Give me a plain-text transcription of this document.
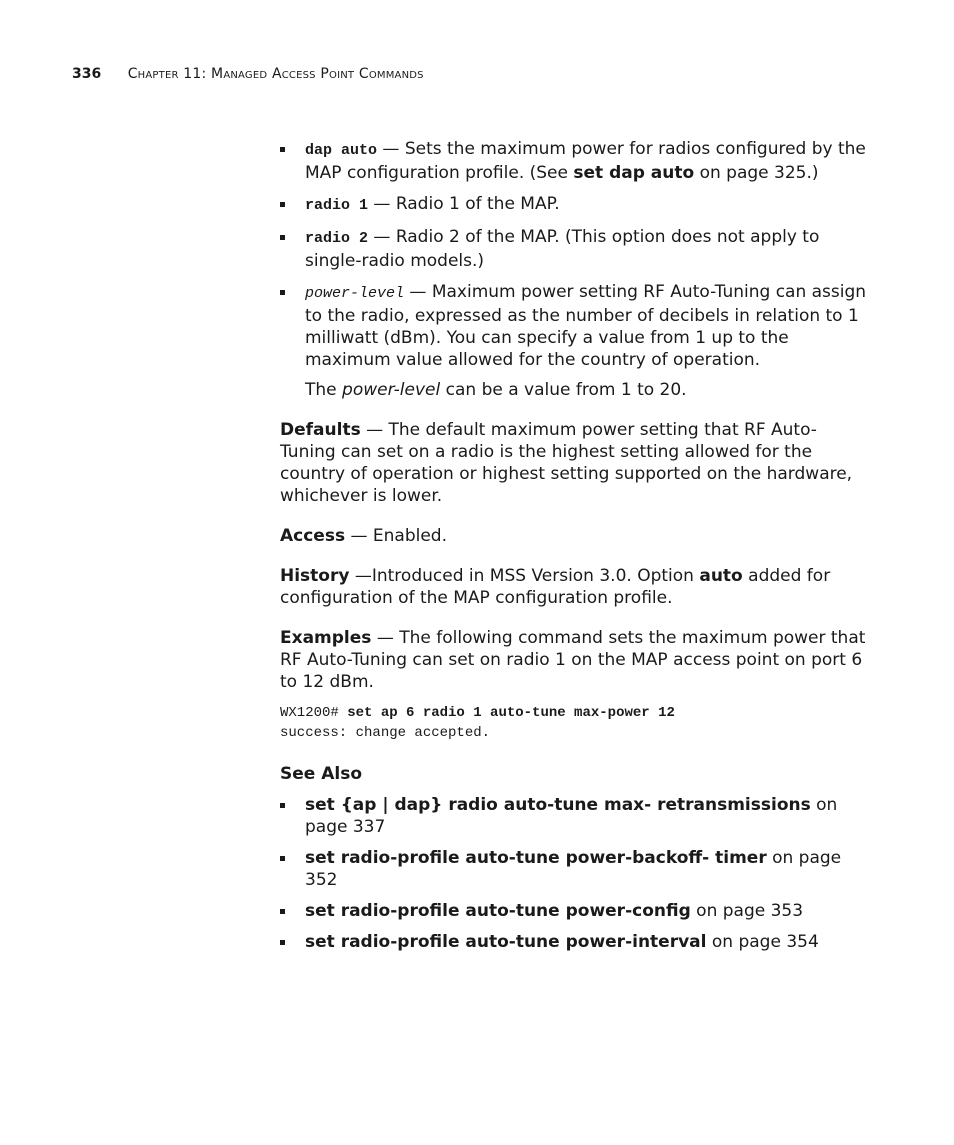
336 Chapter 11: Managed Access Point Commands
dap auto — Sets the maximum power for radios configured by the MAP configuration profile. (See set dap auto on page 325.)
radio 1 — Radio 1 of the MAP.
radio 2 — Radio 2 of the MAP. (This option does not apply to single-radio models.)
power-level — Maximum power setting RF Auto-Tuning can assign to the radio, expressed as the number of decibels in relation to 1 milliwatt (dBm). You can specify a value from 1 up to the maximum value allowed for the country of operation.

The power-level can be a value from 1 to 20.

Defaults — The default maximum power setting that RF Auto-Tuning can set on a radio is the highest setting allowed for the country of operation or highest setting supported on the hardware, whichever is lower.

Access — Enabled.

History —Introduced in MSS Version 3.0. Option auto added for configuration of the MAP configuration profile.

Examples — The following command sets the maximum power that RF Auto-Tuning can set on radio 1 on the MAP access point on port 6 to 12 dBm.

WX1200# set ap 6 radio 1 auto-tune max-power 12
success: change accepted.

See Also

set {ap | dap} radio auto-tune max- retransmissions on page 337
set radio-profile auto-tune power-backoff- timer on page 352
set radio-profile auto-tune power-config on page 353
set radio-profile auto-tune power-interval on page 354
